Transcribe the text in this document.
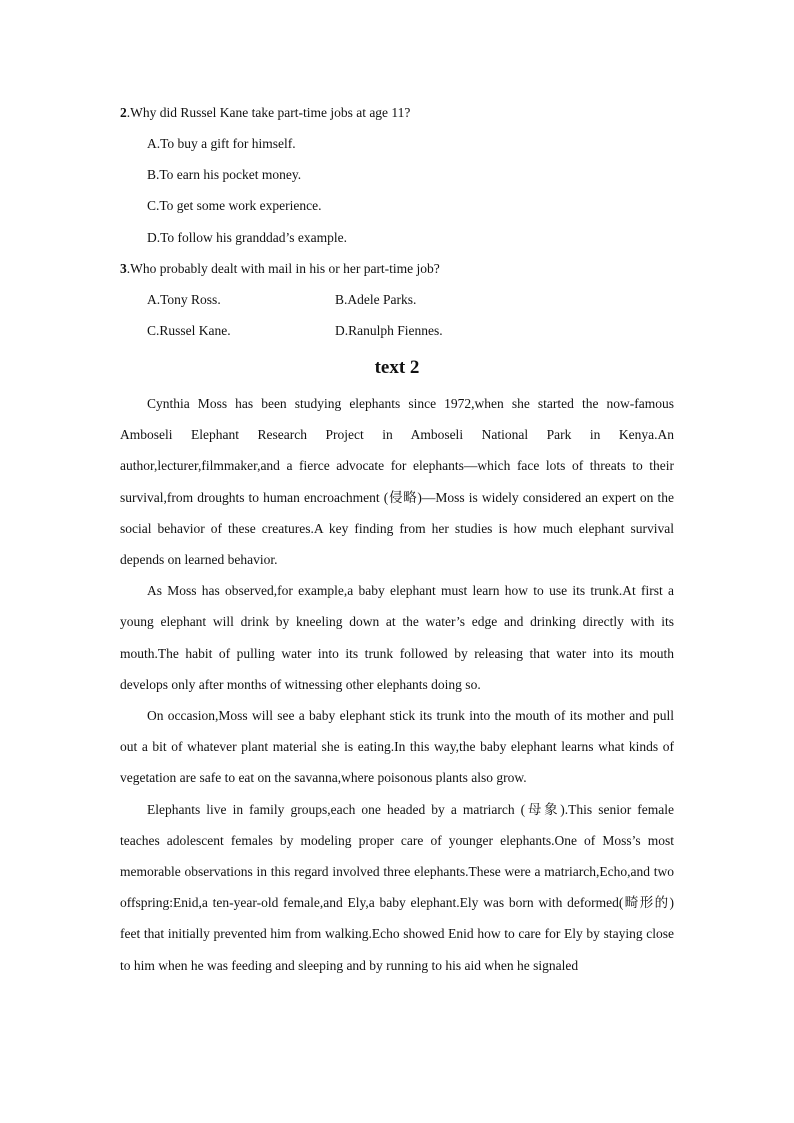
2.Why did Russel Kane take part-time jobs at age 11?
A.To buy a gift for himself.
B.To earn his pocket money.
C.To get some work experience.
D.To follow his granddad’s example.
3.Who probably dealt with mail in his or her part-time job?
A.Tony Ross.	B.Adele Parks.
C.Russel Kane.	D.Ranulph Fiennes.
text 2

Cynthia Moss has been studying elephants since 1972,when she started the now-famous Amboseli Elephant Research Project in Amboseli National Park in Kenya.An author,lecturer,filmmaker,and a fierce advocate for elephants—which face lots of threats to their survival,from droughts to human encroachment (侵略)—Moss is widely considered an expert on the social behavior of these creatures.A key finding from her studies is how much elephant survival depends on learned behavior.

As Moss has observed,for example,a baby elephant must learn how to use its trunk.At first a young elephant will drink by kneeling down at the water’s edge and drinking directly with its mouth.The habit of pulling water into its trunk followed by releasing that water into its mouth develops only after months of witnessing other elephants doing so.

On occasion,Moss will see a baby elephant stick its trunk into the mouth of its mother and pull out a bit of whatever plant material she is eating.In this way,the baby elephant learns what kinds of vegetation are safe to eat on the savanna,where poisonous plants also grow.

Elephants live in family groups,each one headed by a matriarch (母象).This senior female teaches adolescent females by modeling proper care of younger elephants.One of Moss’s most memorable observations in this regard involved three elephants.These were a matriarch,Echo,and two offspring:Enid,a ten-year-old female,and Ely,a baby elephant.Ely was born with deformed(畸形的) feet that initially prevented him from walking.Echo showed Enid how to care for Ely by staying close to him when he was feeding and sleeping and by running to his aid when he signaled
